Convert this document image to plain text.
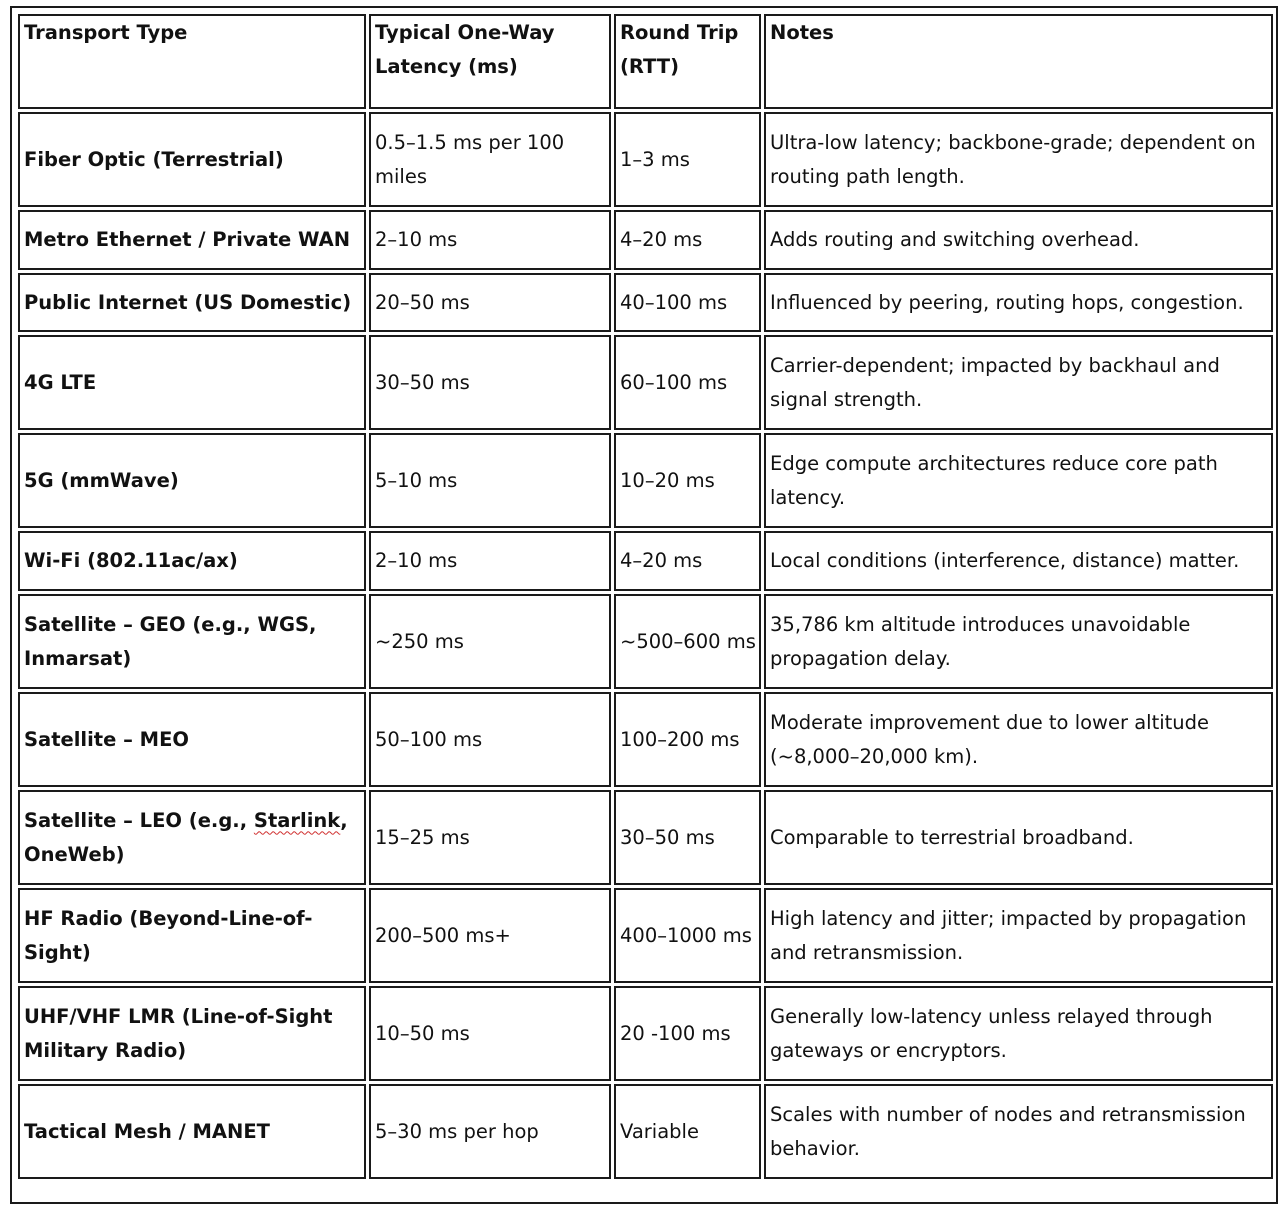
Transport Type	Typical One-Way Latency (ms)	Round Trip (RTT)	Notes
Fiber Optic (Terrestrial)	0.5–1.5 ms per 100 miles	1–3 ms	Ultra-low latency; backbone-grade; dependent on routing path length.
Metro Ethernet / Private WAN	2–10 ms	4–20 ms	Adds routing and switching overhead.
Public Internet (US Domestic)	20–50 ms	40–100 ms	Influenced by peering, routing hops, congestion.
4G LTE	30–50 ms	60–100 ms	Carrier-dependent; impacted by backhaul and signal strength.
5G (mmWave)	5–10 ms	10–20 ms	Edge compute architectures reduce core path latency.
Wi-Fi (802.11ac/ax)	2–10 ms	4–20 ms	Local conditions (interference, distance) matter.
Satellite – GEO (e.g., WGS, Inmarsat)	~250 ms	~500–600 ms	35,786 km altitude introduces unavoidable propagation delay.
Satellite – MEO	50–100 ms	100–200 ms	Moderate improvement due to lower altitude (~8,000–20,000 km).
Satellite – LEO (e.g., Starlink, OneWeb)	15–25 ms	30–50 ms	Comparable to terrestrial broadband.
HF Radio (Beyond-Line-of-Sight)	200–500 ms+	400–1000 ms	High latency and jitter; impacted by propagation and retransmission.
UHF/VHF LMR (Line-of-Sight Military Radio)	10–50 ms	20 -100 ms	Generally low-latency unless relayed through gateways or encryptors.
Tactical Mesh / MANET	5–30 ms per hop	Variable	Scales with number of nodes and retransmission behavior.
